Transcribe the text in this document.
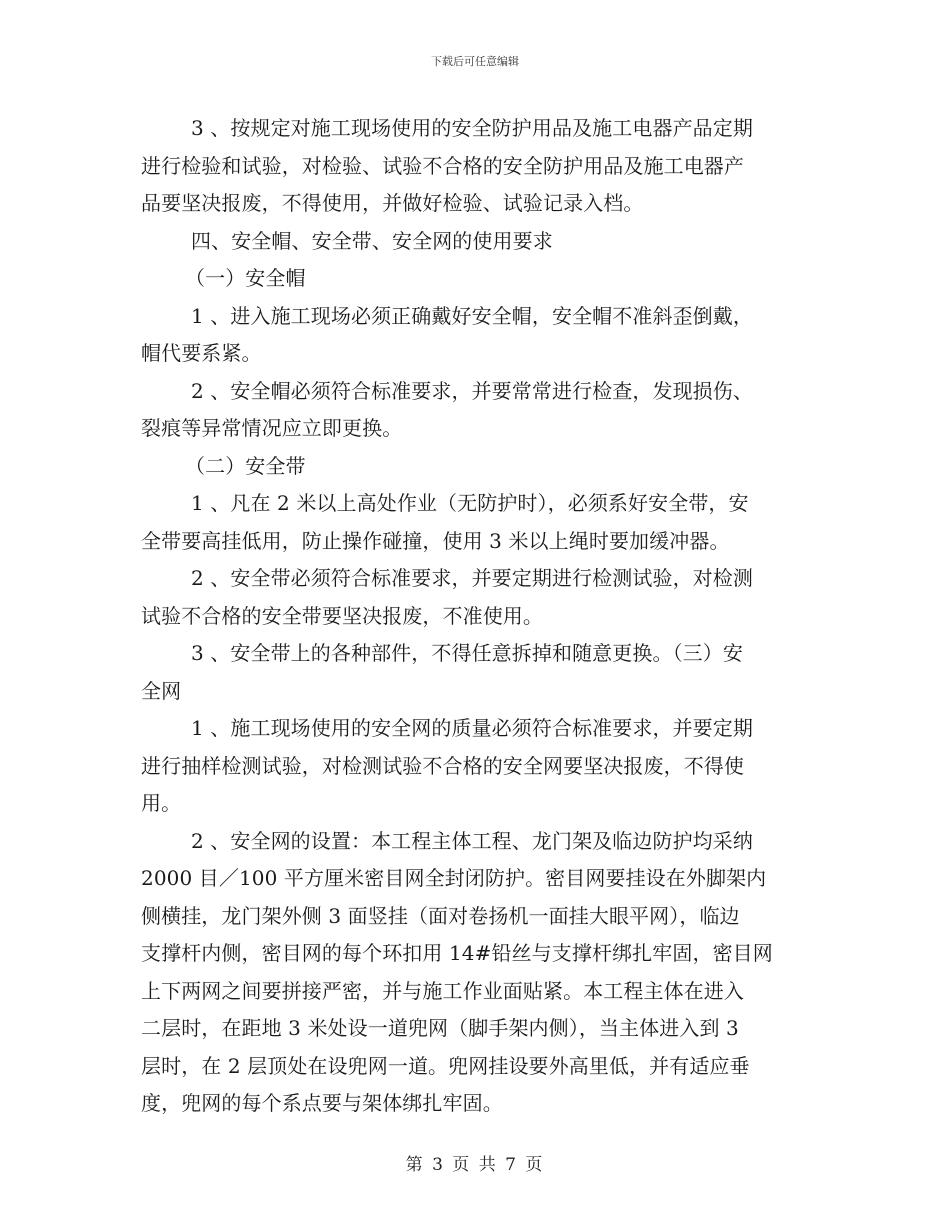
下载后可任意编辑
3 、按规定对施工现场使用的安全防护用品及施工电器产品定期
进行检验和试验，对检验、试验不合格的安全防护用品及施工电器产
品要坚决报废，不得使用，并做好检验、试验记录入档。
四、安全帽、安全带、安全网的使用要求
（一）安全帽
1 、进入施工现场必须正确戴好安全帽，安全帽不准斜歪倒戴，
帽代要系紧。
2 、安全帽必须符合标准要求，并要常常进行检查，发现损伤、
裂痕等异常情况应立即更换。
（二）安全带
1 、凡在 2 米以上高处作业（无防护时），必须系好安全带，安
全带要高挂低用，防止操作碰撞，使用 3 米以上绳时要加缓冲器。
2 、安全带必须符合标准要求，并要定期进行检测试验，对检测
试验不合格的安全带要坚决报废，不准使用。
3 、安全带上的各种部件，不得任意拆掉和随意更换。（三）安
全网
1 、施工现场使用的安全网的质量必须符合标准要求，并要定期
进行抽样检测试验，对检测试验不合格的安全网要坚决报废，不得使
用。
2 、安全网的设置：本工程主体工程、龙门架及临边防护均采纳
2000 目／100 平方厘米密目网全封闭防护。密目网要挂设在外脚架内
侧横挂，龙门架外侧 3 面竖挂（面对卷扬机一面挂大眼平网），临边
支撑杆内侧，密目网的每个环扣用 14#铅丝与支撑杆绑扎牢固，密目网
上下两网之间要拼接严密，并与施工作业面贴紧。本工程主体在进入
二层时，在距地 3 米处设一道兜网（脚手架内侧），当主体进入到 3
层时，在 2 层顶处在设兜网一道。兜网挂设要外高里低，并有适应垂
度，兜网的每个系点要与架体绑扎牢固。
第 3 页 共 7 页
